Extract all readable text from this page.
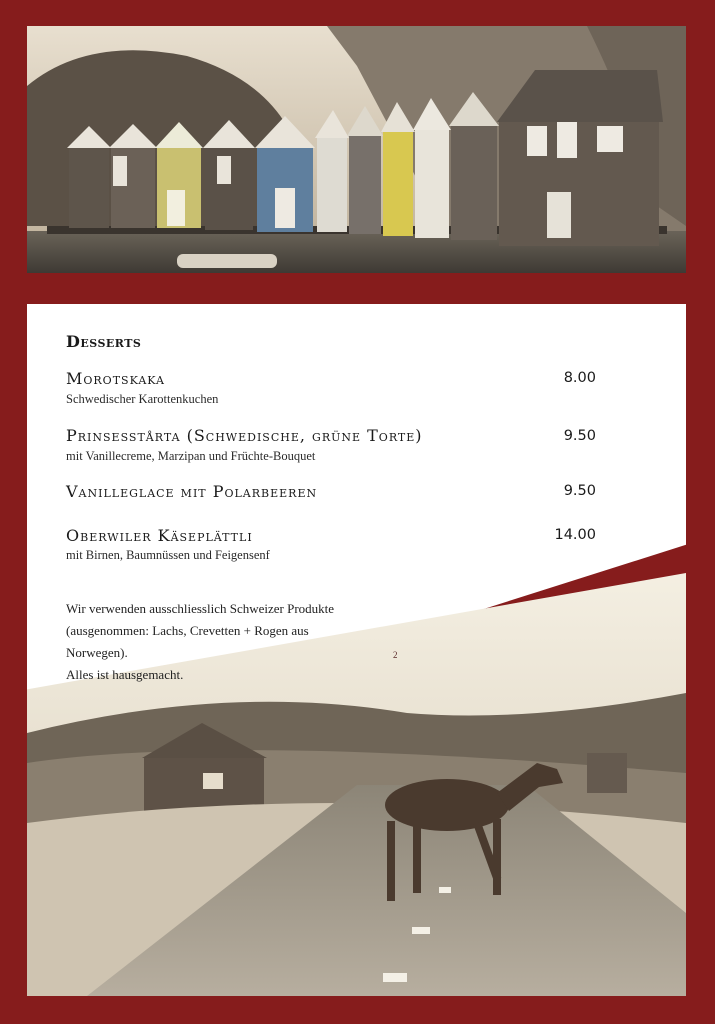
Desserts
Morotskaka	8.00
Schwedischer Karottenkuchen
Prinsesstårta (Schwedische, grüne Torte)	9.50
mit Vanillecreme, Marzipan und Früchte-Bouquet
Vanilleglace mit Polarbeeren	9.50
Oberwiler Käseplättli	14.00
mit Birnen, Baumnüssen und Feigensenf
Wir verwenden ausschliesslich Schweizer Produkte
(ausgenommen: Lachs, Crevetten + Rogen aus
Norwegen).
Alles ist hausgemacht.
2
